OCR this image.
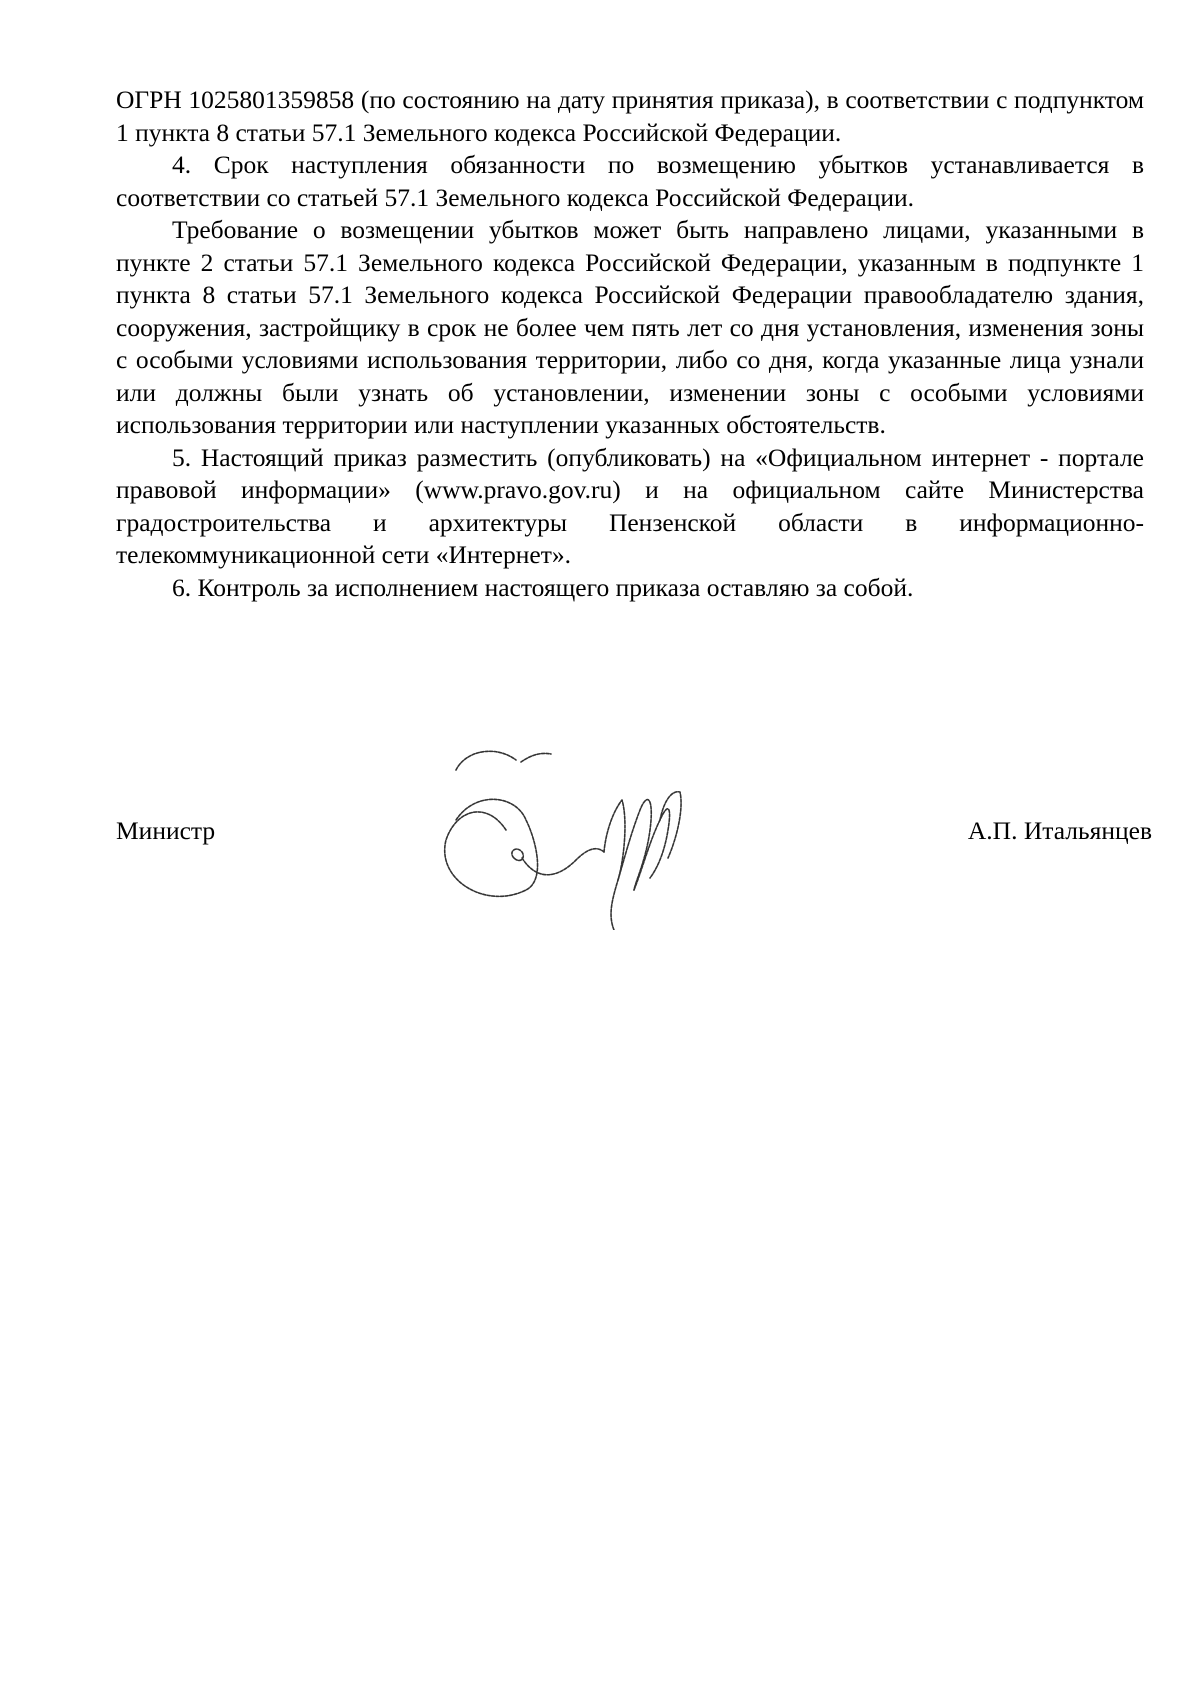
ОГРН 1025801359858 (по состоянию на дату принятия приказа), в соответствии с подпунктом 1 пункта 8 статьи 57.1 Земельного кодекса Российской Федерации.

4. Срок наступления обязанности по возмещению убытков устанавливается в соответствии со статьей 57.1 Земельного кодекса Российской Федерации.

Требование о возмещении убытков может быть направлено лицами, указанными в пункте 2 статьи 57.1 Земельного кодекса Российской Федерации, указанным в подпункте 1 пункта 8 статьи 57.1 Земельного кодекса Российской Федерации правообладателю здания, сооружения, застройщику в срок не более чем пять лет со дня установления, изменения зоны с особыми условиями использования территории, либо со дня, когда указанные лица узнали или должны были узнать об установлении, изменении зоны с особыми условиями использования территории или наступлении указанных обстоятельств.

5. Настоящий приказ разместить (опубликовать) на «Официальном интернет - портале правовой информации» (www.pravo.gov.ru) и на официальном сайте Министерства градостроительства и архитектуры Пензенской области в информационно-телекоммуникационной сети «Интернет».

6. Контроль за исполнением настоящего приказа оставляю за собой.

Министр	А.П. Итальянцев
